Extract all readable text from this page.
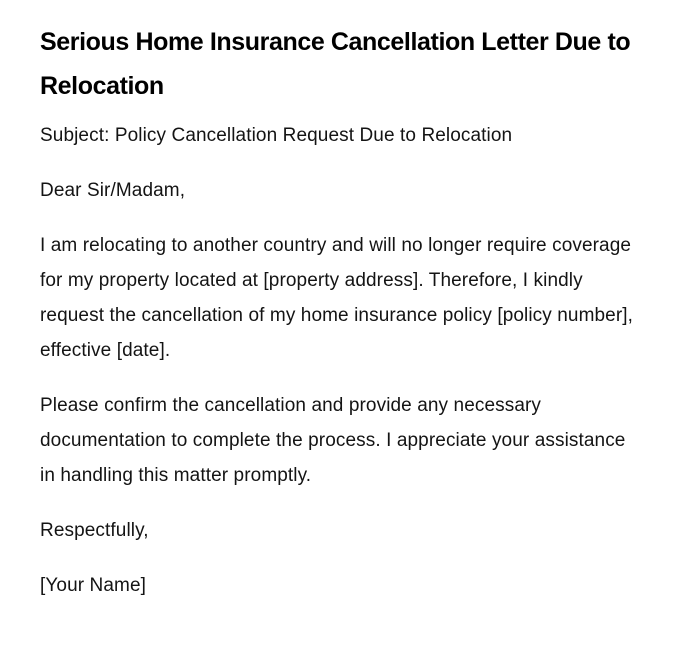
Serious Home Insurance Cancellation Letter Due to Relocation

Subject: Policy Cancellation Request Due to Relocation

Dear Sir/Madam,

I am relocating to another country and will no longer require coverage for my property located at [property address]. Therefore, I kindly request the cancellation of my home insurance policy [policy number], effective [date].

Please confirm the cancellation and provide any necessary documentation to complete the process. I appreciate your assistance in handling this matter promptly.

Respectfully,

[Your Name]
